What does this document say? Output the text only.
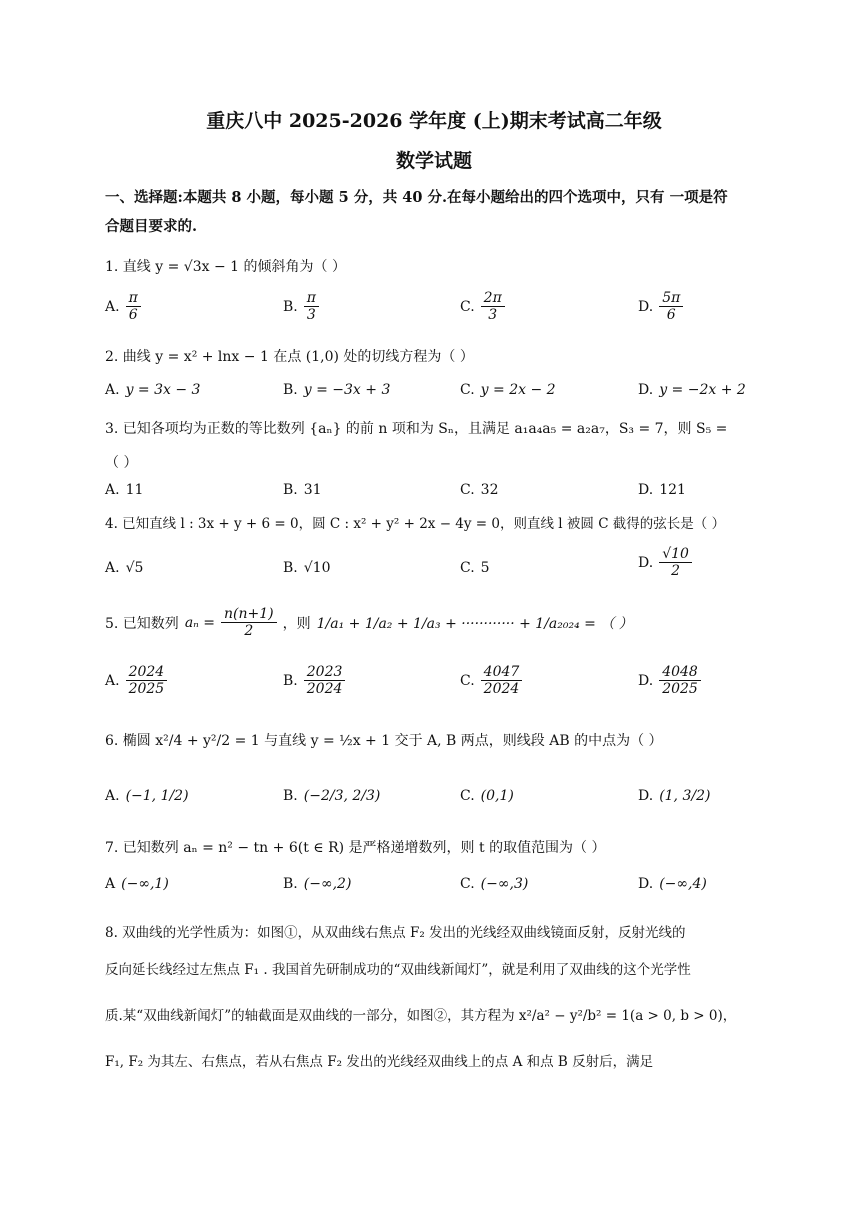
重庆八中 2025-2026 学年度 (上)期末考试高二年级
数学试题
一、选择题:本题共 8 小题，每小题 5 分，共 40 分.在每小题给出的四个选项中，只有 一项是符
合题目要求的.
1. 直线 y = √3x − 1 的倾斜角为（ ）
A. $\frac{\pi}{6}$	B. $\frac{\pi}{3}$	C. $\frac{2\pi}{3}$	D. $\frac{5\pi}{6}$
2. 曲线 y = x² + lnx − 1 在点 (1,0) 处的切线方程为（ ）
A. y = 3x − 3	B. y = −3x + 3	C. y = 2x − 2	D. y = −2x + 2
3. 已知各项均为正数的等比数列 {aₙ} 的前 n 项和为 Sₙ，且满足 a₁a₄a₅ = a₂a₇，S₃ = 7，则 S₅ =
（ ）
A. 11	B. 31	C. 32	D. 121
4. 已知直线 l : 3x + y + 6 = 0，圆 C : x² + y² + 2x − 4y = 0，则直线 l 被圆 C 截得的弦长是（ ）
A. √5	B. √10	C. 5	D. $\frac{√10}{2}$
5. 已知数列 $a_n = \frac{n(n+1)}{2}$ ，则 1/a₁ + 1/a₂ + 1/a₃ + ············ + 1/a₂₀₂₄ = （ ）
A. $\frac{2024}{2025}$	B. $\frac{2023}{2024}$	C. $\frac{4047}{2024}$	D. $\frac{4048}{2025}$
6. 椭圆 x²/4 + y²/2 = 1 与直线 y = ½x + 1 交于 A, B 两点，则线段 AB 的中点为（ ）
A. (−1, 1/2)	B. (−2/3, 2/3)	C. (0,1)	D. (1, 3/2)
7. 已知数列 aₙ = n² − tn + 6(t ∈ R) 是严格递增数列，则 t 的取值范围为（ ）
A (−∞,1)	B. (−∞,2)	C. (−∞,3)	D. (−∞,4)
8. 双曲线的光学性质为：如图①，从双曲线右焦点 F₂ 发出的光线经双曲线镜面反射，反射光线的
反向延长线经过左焦点 F₁ . 我国首先研制成功的“双曲线新闻灯”，就是利用了双曲线的这个光学性
质.某“双曲线新闻灯”的轴截面是双曲线的一部分，如图②，其方程为 x²/a² − y²/b² = 1(a > 0, b > 0)，
F₁, F₂ 为其左、右焦点，若从右焦点 F₂ 发出的光线经双曲线上的点 A 和点 B 反射后，满足
